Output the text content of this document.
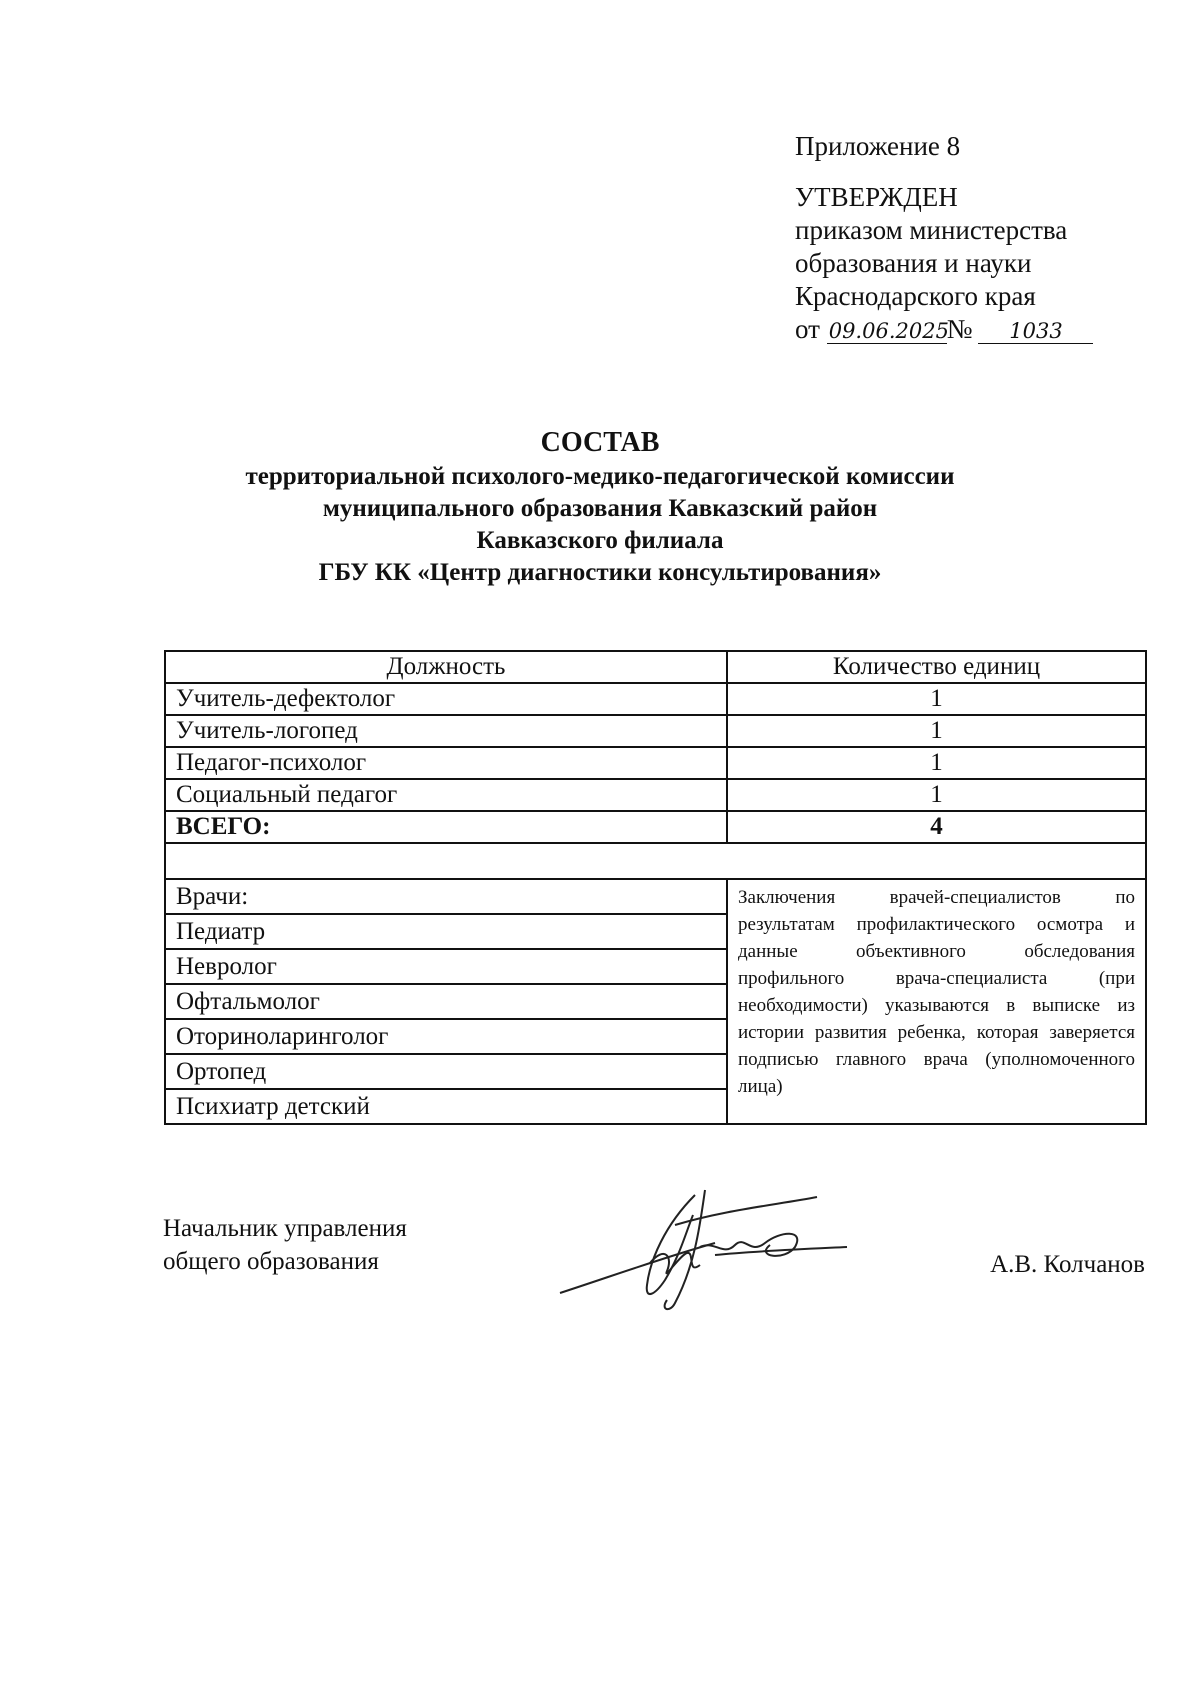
Приложение 8
УТВЕРЖДЕН
приказом министерства
образования и науки
Краснодарского края
от 09.06.2025№ 1033
СОСТАВ
территориальной психолого-медико-педагогической комиссии
муниципального образования Кавказский район
Кавказского филиала
ГБУ КК «Центр диагностики консультирования»
Должность	Количество единиц
Учитель-дефектолог	1
Учитель-логопед	1
Педагог-психолог	1
Социальный педагог	1
ВСЕГО:	4

Врачи:	Заключения врачей-специалистов по результатам профилактического осмотра и данные объективного обследования профильного врача-специалиста (при необходимости) указываются в выписке из истории развития ребенка, которая заверяется подписью главного врача (уполномоченного лица)
Педиатр	
Невролог	
Офтальмолог	
Оториноларинголог	
Ортопед	
Психиатр детский	
Начальник управления
общего образования	А.В. Колчанов
